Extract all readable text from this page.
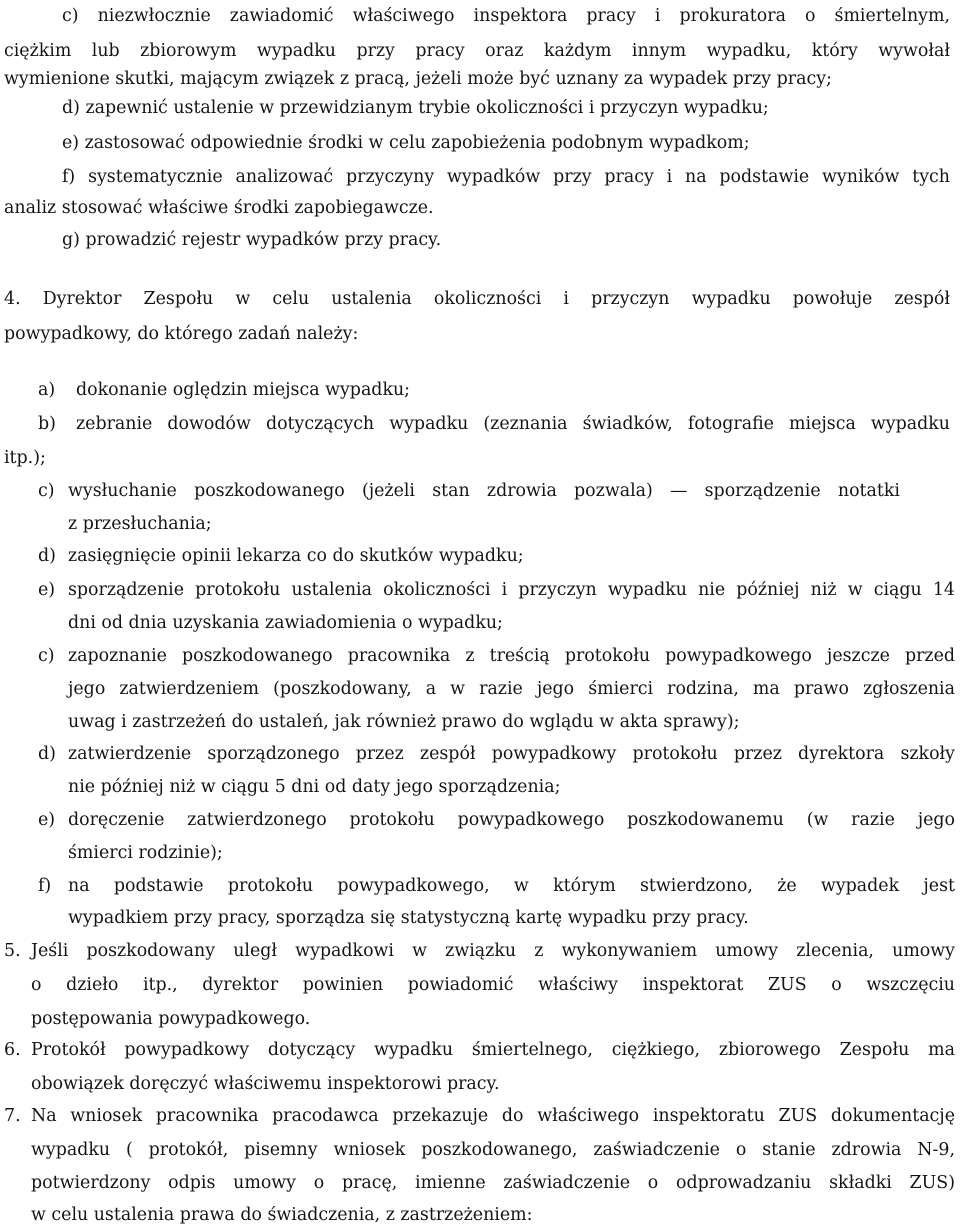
c) niezwłocznie zawiadomić właściwego inspektora pracy i prokuratora o śmiertelnym,
ciężkim lub zbiorowym wypadku przy pracy oraz każdym innym wypadku, który wywołał
wymienione skutki, mającym związek z pracą, jeżeli może być uznany za wypadek przy pracy;
d) zapewnić ustalenie w przewidzianym trybie okoliczności i przyczyn wypadku;
e) zastosować odpowiednie środki w celu zapobieżenia podobnym wypadkom;
f) systematycznie analizować przyczyny wypadków przy pracy i na podstawie wyników tych
analiz stosować właściwe środki zapobiegawcze.
g) prowadzić rejestr wypadków przy pracy.
4. Dyrektor Zespołu w celu ustalenia okoliczności i przyczyn wypadku powołuje zespół
powypadkowy, do którego zadań należy:
a) dokonanie oględzin miejsca wypadku;
b) zebranie dowodów dotyczących wypadku (zeznania świadków, fotografie miejsca wypadku
itp.);
c) wysłuchanie poszkodowanego (jeżeli stan zdrowia pozwala) — sporządzenie notatki
z przesłuchania;
d) zasięgnięcie opinii lekarza co do skutków wypadku;
e) sporządzenie protokołu ustalenia okoliczności i przyczyn wypadku nie później niż w ciągu 14
dni od dnia uzyskania zawiadomienia o wypadku;
c) zapoznanie poszkodowanego pracownika z treścią protokołu powypadkowego jeszcze przed
jego zatwierdzeniem (poszkodowany, a w razie jego śmierci rodzina, ma prawo zgłoszenia
uwag i zastrzeżeń do ustaleń, jak również prawo do wglądu w akta sprawy);
d) zatwierdzenie sporządzonego przez zespół powypadkowy protokołu przez dyrektora szkoły
nie później niż w ciągu 5 dni od daty jego sporządzenia;
e) doręczenie zatwierdzonego protokołu powypadkowego poszkodowanemu (w razie jego
śmierci rodzinie);
f) na podstawie protokołu powypadkowego, w którym stwierdzono, że wypadek jest
wypadkiem przy pracy, sporządza się statystyczną kartę wypadku przy pracy.
5. Jeśli poszkodowany uległ wypadkowi w związku z wykonywaniem umowy zlecenia, umowy
o dzieło itp., dyrektor powinien powiadomić właściwy inspektorat ZUS o wszczęciu
postępowania powypadkowego.
6. Protokół powypadkowy dotyczący wypadku śmiertelnego, ciężkiego, zbiorowego Zespołu ma
obowiązek doręczyć właściwemu inspektorowi pracy.
7. Na wniosek pracownika pracodawca przekazuje do właściwego inspektoratu ZUS dokumentację
wypadku ( protokół, pisemny wniosek poszkodowanego, zaświadczenie o stanie zdrowia N-9,
potwierdzony odpis umowy o pracę, imienne zaświadczenie o odprowadzaniu składki ZUS)
w celu ustalenia prawa do świadczenia, z zastrzeżeniem:
